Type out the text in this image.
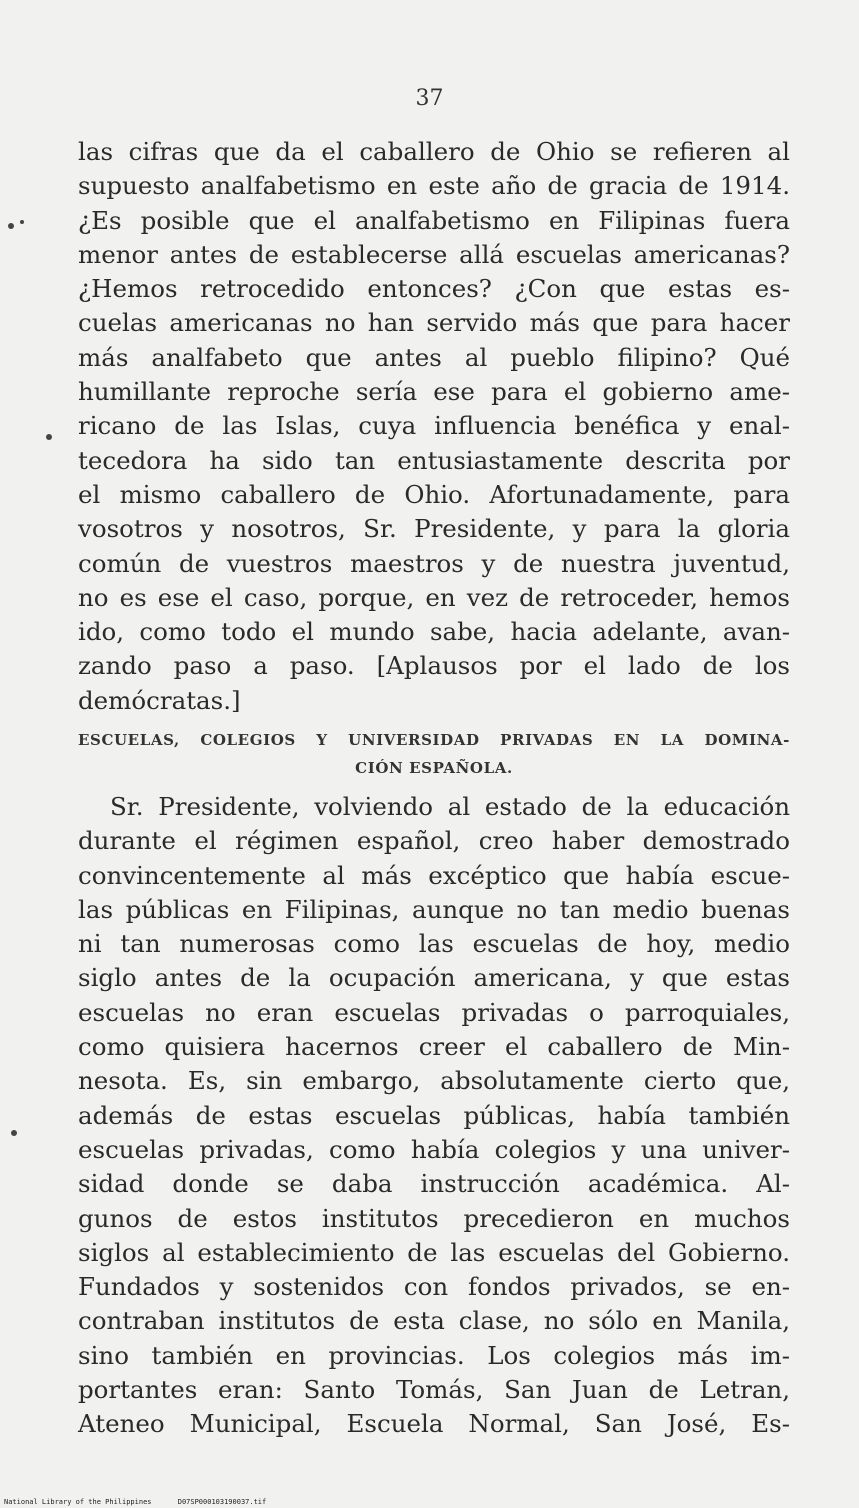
37
las cifras que da el caballero de Ohio se refieren al
supuesto analfabetismo en este año de gracia de 1914.
¿Es posible que el analfabetismo en Filipinas fuera
menor antes de establecerse allá escuelas americanas?
¿Hemos retrocedido entonces? ¿Con que estas es-
cuelas americanas no han servido más que para hacer
más analfabeto que antes al pueblo filipino? Qué
humillante reproche sería ese para el gobierno ame-
ricano de las Islas, cuya influencia benéfica y enal-
tecedora ha sido tan entusiastamente descrita por
el mismo caballero de Ohio. Afortunadamente, para
vosotros y nosotros, Sr. Presidente, y para la gloria
común de vuestros maestros y de nuestra juventud,
no es ese el caso, porque, en vez de retroceder, hemos
ido, como todo el mundo sabe, hacia adelante, avan-
zando paso a paso. [Aplausos por el lado de los
demócratas.]
ESCUELAS, COLEGIOS Y UNIVERSIDAD PRIVADAS EN LA DOMINA-
CIÓN ESPAÑOLA.
Sr. Presidente, volviendo al estado de la educación
durante el régimen español, creo haber demostrado
convincentemente al más excéptico que había escue-
las públicas en Filipinas, aunque no tan medio buenas
ni tan numerosas como las escuelas de hoy, medio
siglo antes de la ocupación americana, y que estas
escuelas no eran escuelas privadas o parroquiales,
como quisiera hacernos creer el caballero de Min-
nesota. Es, sin embargo, absolutamente cierto que,
además de estas escuelas públicas, había también
escuelas privadas, como había colegios y una univer-
sidad donde se daba instrucción académica. Al-
gunos de estos institutos precedieron en muchos
siglos al establecimiento de las escuelas del Gobierno.
Fundados y sostenidos con fondos privados, se en-
contraban institutos de esta clase, no sólo en Manila,
sino también en provincias. Los colegios más im-
portantes eran: Santo Tomás, San Juan de Letran,
Ateneo Municipal, Escuela Normal, San José, Es-
National Library of the Philippines	D07SP000103190037.tif
